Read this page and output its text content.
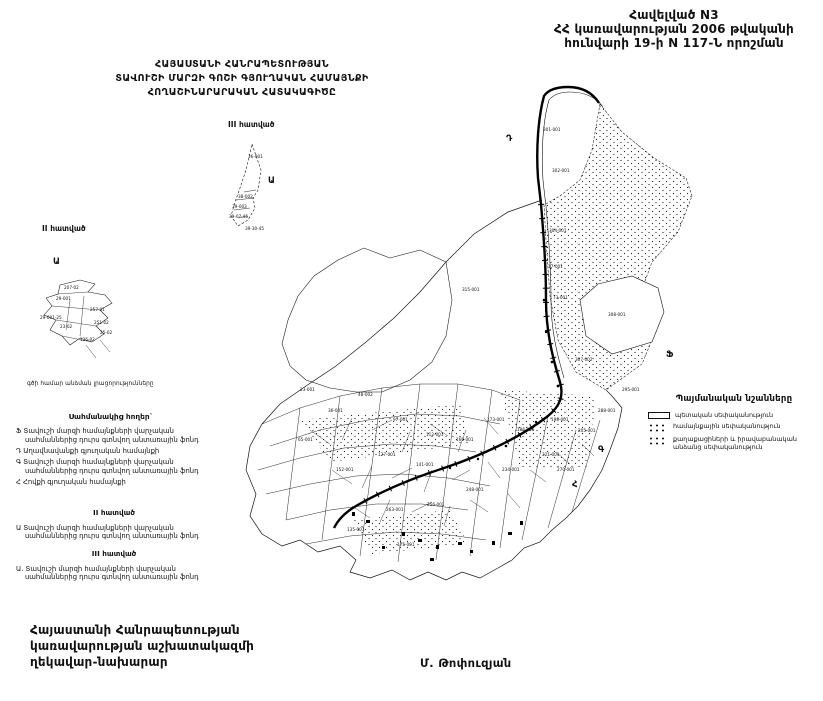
301-001
302-001
304-001
17-001
73-001
315-001
308-001
307-002
295-001
288-001
23-001
36-001
48-002
97-001
112-001
65-001
152-001
127-001
141-001
160-001
173-001
186-001
198-001
205-001
221-001
234-001
248-001
256-001
263-001
135-001
175-001
270-001
36-001
38-002
39-003
39-07-45
39-30-45
207-02
29-001
257-01
29-001-25
23-02
251-02
135-02
25-02
Դ
Ֆ
Գ
Հ
Ա
Ա
Հավելված N3
ՀՀ կառավարության 2006 թվականի
հունվարի 19-ի N 117-Ն որոշման
ՀԱՅԱՍՏԱՆԻ ՀԱՆՐԱՊԵՏՈՒԹՅԱՆ
ՏԱՎՈՒՇԻ ՄԱՐԶԻ ԳՈՇԻ ԳՅՈՒՂԱԿԱՆ ՀԱՄԱՅՆՔԻ
ՀՈՂԱՇԻՆԱՐԱՐԱԿԱՆ ՀԱՏԱԿԱԳԻԾԸ
III հատված
II հատված
գծի համար անձման լրացորությունները
Սահմանակից հողեր`
Ֆ Տավուշի մարզի համայնքների վարչական սահմաններից դուրս գտնվող անտառային ֆոնդ
Դ Աղավնավանքի գյուղական համայնքի
Գ Տավուշի մարզի համայնքների վարչական սահմաններից դուրս գտնվող անտառային ֆոնդ
Հ Հովքի գյուղական համայնքի
II հատված
Ա Տավուշի մարզի համայնքների վարչական սահմաններից դուրս գտնվող անտառային ֆոնդ
III հատված
Ա. Տավուշի մարզի համայնքների վարչական սահմաններից դուրս գտնվող անտառային ֆոնդ
Պայմանական նշանները
պետական սեփականություն
համայնքային սեփականություն
քաղաքացիների և իրավաբանական անձանց սեփականություն
Հայաստանի Հանրապետության
կառավարության աշխատակազմի
ղեկավար-նախարար	Մ. Թոփուզյան
